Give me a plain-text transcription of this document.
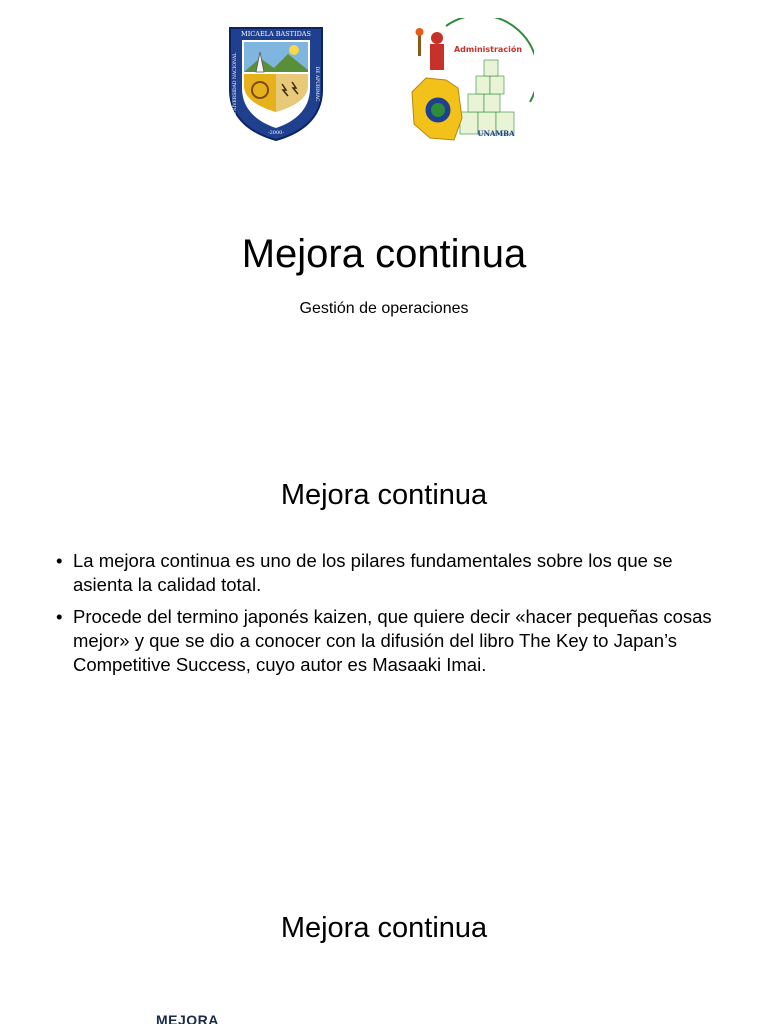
MICAELA BASTIDAS
UNIVERSIDAD NACIONAL	DE APURIMAC
-2000-
Administración
UNAMBA
Mejora continua

Gestión de operaciones

Mejora continua
• La mejora continua es uno de los pilares fundamentales sobre los que se asienta la calidad total.
• Procede del termino japonés kaizen, que quiere decir «hacer pequeñas cosas mejor» y que se dio a conocer con la difusión del libro The Key to Japan’s Competitive Success, cuyo autor es Masaaki Imai.
Mejora continua
MEJORA
